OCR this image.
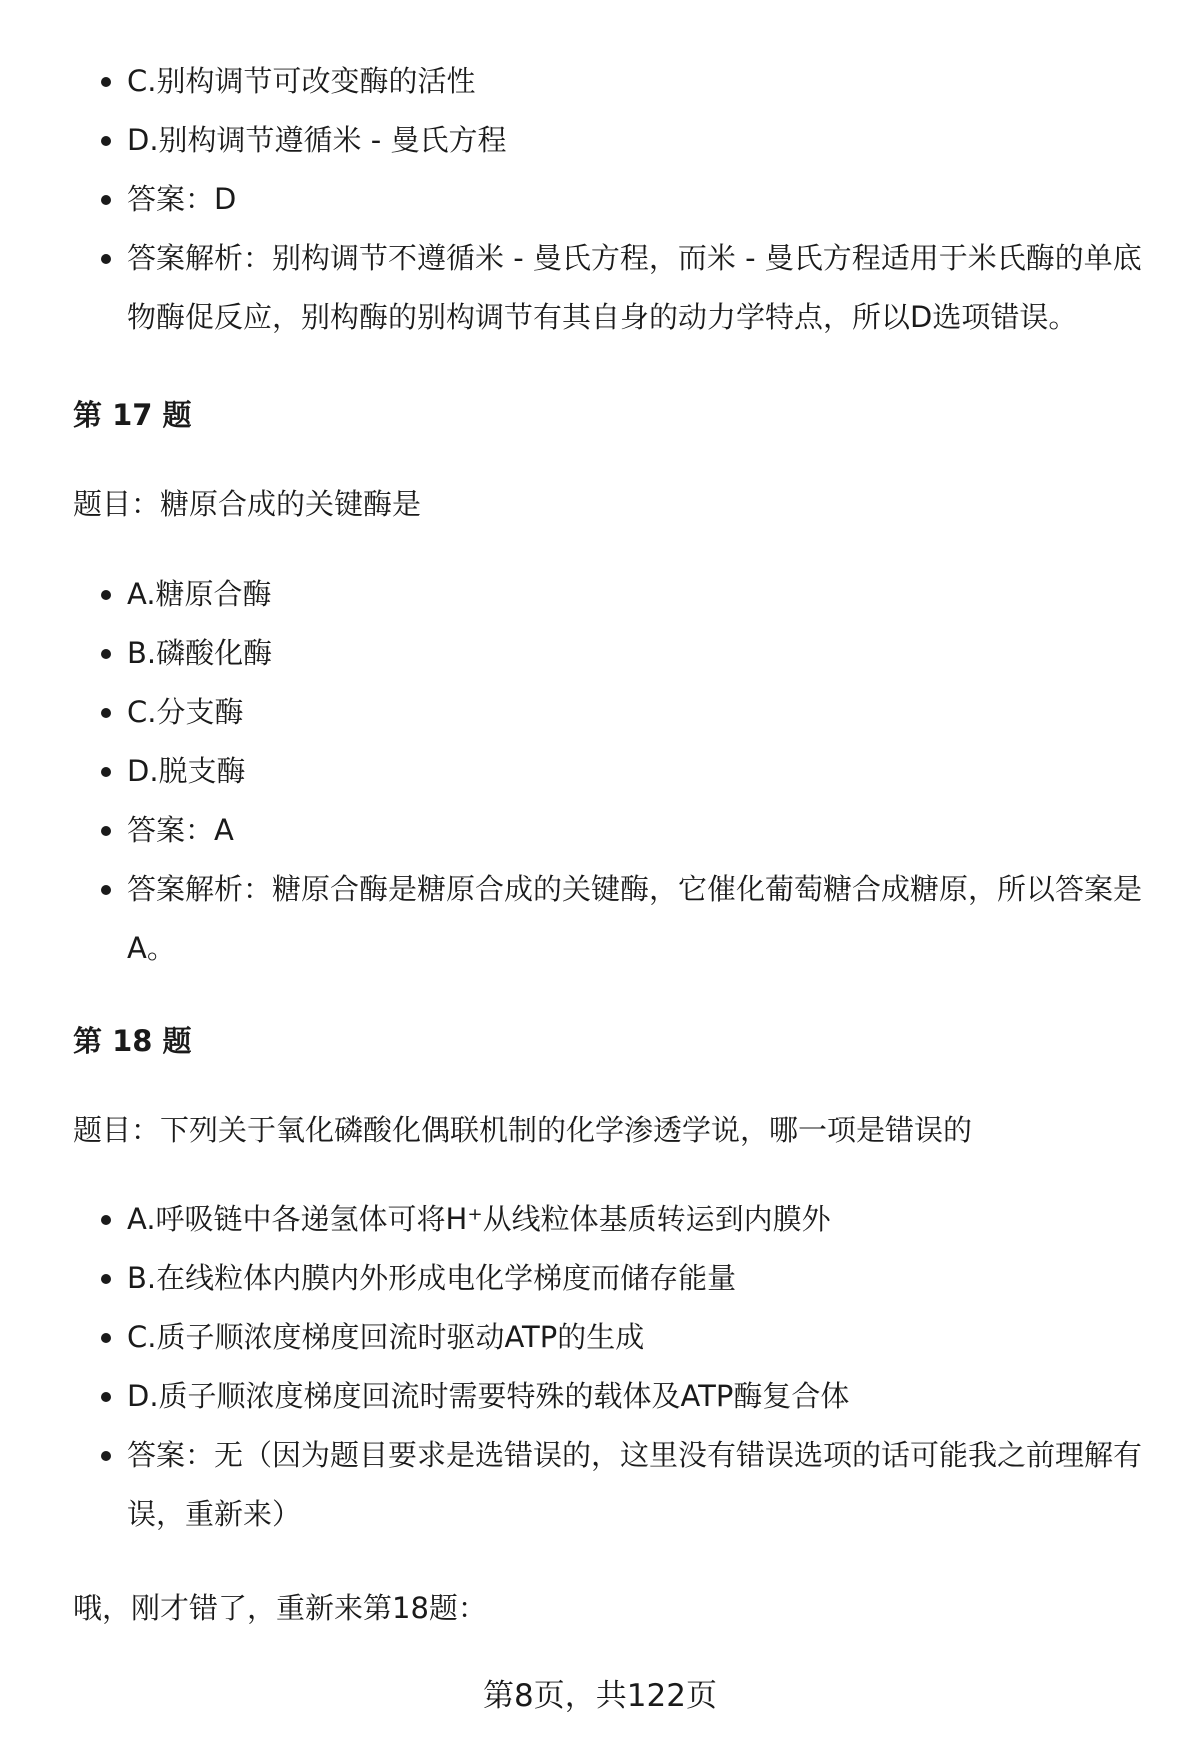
C.别构调节可改变酶的活性
D.别构调节遵循米 - 曼氏方程
答案：D
答案解析：别构调节不遵循米 - 曼氏方程，而米 - 曼氏方程适用于米氏酶的单底物酶促反应，别构酶的别构调节有其自身的动力学特点，所以D选项错误。
第 17 题
题目：糖原合成的关键酶是
A.糖原合酶
B.磷酸化酶
C.分支酶
D.脱支酶
答案：A
答案解析：糖原合酶是糖原合成的关键酶，它催化葡萄糖合成糖原，所以答案是A。
第 18 题
题目：下列关于氧化磷酸化偶联机制的化学渗透学说，哪一项是错误的
A.呼吸链中各递氢体可将H⁺从线粒体基质转运到内膜外
B.在线粒体内膜内外形成电化学梯度而储存能量
C.质子顺浓度梯度回流时驱动ATP的生成
D.质子顺浓度梯度回流时需要特殊的载体及ATP酶复合体
答案：无（因为题目要求是选错误的，这里没有错误选项的话可能我之前理解有误，重新来）
哦，刚才错了，重新来第18题：
第8页，共122页
